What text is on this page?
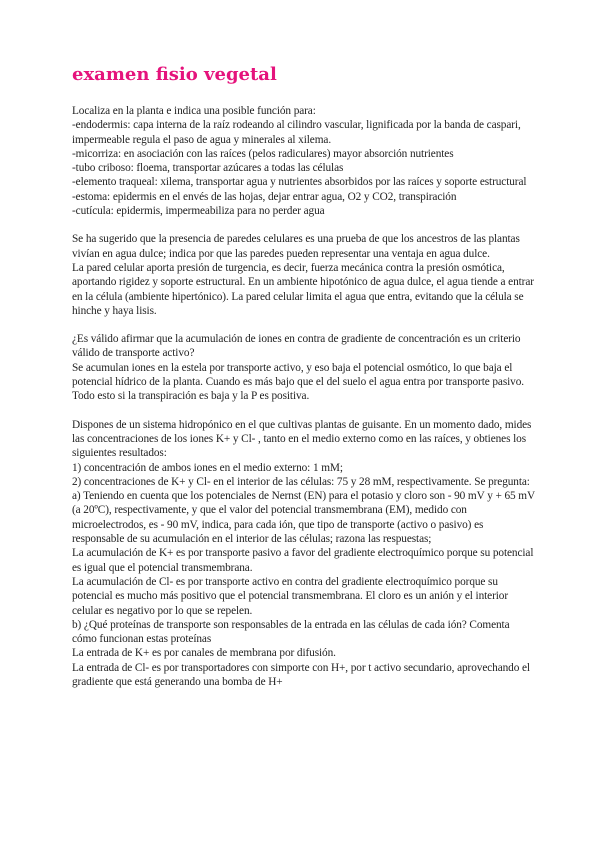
examen fisio vegetal

Localiza en la planta e indica una posible función para:

-endodermis: capa interna de la raíz rodeando al cilindro vascular, lignificada por la banda de caspari, impermeable regula el paso de agua y minerales al xilema.

-micorriza: en asociación con las raíces (pelos radiculares) mayor absorción nutrientes

-tubo criboso: floema, transportar azúcares a todas las células

-elemento traqueal: xilema, transportar agua y nutrientes absorbidos por las raíces y soporte estructural

-estoma: epidermis en el envés de las hojas, dejar entrar agua, O2 y CO2, transpiración

-cutícula: epidermis, impermeabiliza para no perder agua

Se ha sugerido que la presencia de paredes celulares es una prueba de que los ancestros de las plantas vivían en agua dulce; indica por que las paredes pueden representar una ventaja en agua dulce.

La pared celular aporta presión de turgencia, es decir, fuerza mecánica contra la presión osmótica, aportando rigidez y soporte estructural. En un ambiente hipotónico de agua dulce, el agua tiende a entrar en la célula (ambiente hipertónico). La pared celular limita el agua que entra, evitando que la célula se hinche y haya lisis.

¿Es válido afirmar que la acumulación de iones en contra de gradiente de concentración es un criterio válido de transporte activo?

Se acumulan iones en la estela por transporte activo, y eso baja el potencial osmótico, lo que baja el potencial hídrico de la planta. Cuando es más bajo que el del suelo el agua entra por transporte pasivo. Todo esto si la transpiración es baja y la P es positiva.

Dispones de un sistema hidropónico en el que cultivas plantas de guisante. En un momento dado, mides las concentraciones de los iones K+ y Cl- , tanto en el medio externo como en las raíces, y obtienes los siguientes resultados:

1) concentración de ambos iones en el medio externo: 1 mM;

2) concentraciones de K+ y Cl- en el interior de las células: 75 y 28 mM, respectivamente. Se pregunta:

a) Teniendo en cuenta que los potenciales de Nernst (EN) para el potasio y cloro son - 90 mV y + 65 mV (a 20ºC), respectivamente, y que el valor del potencial transmembrana (EM), medido con microelectrodos, es - 90 mV, indica, para cada ión, que tipo de transporte (activo o pasivo) es responsable de su acumulación en el interior de las células; razona las respuestas;

La acumulación de K+ es por transporte pasivo a favor del gradiente electroquímico porque su potencial es igual que el potencial transmembrana.

La acumulación de Cl- es por transporte activo en contra del gradiente electroquímico porque su potencial es mucho más positivo que el potencial transmembrana. El cloro es un anión y el interior celular es negativo por lo que se repelen.

b) ¿Qué proteínas de transporte son responsables de la entrada en las células de cada ión? Comenta cómo funcionan estas proteínas

La entrada de K+ es por canales de membrana por difusión.

La entrada de Cl- es por transportadores con simporte con H+, por t activo secundario, aprovechando el gradiente que está generando una bomba de H+
